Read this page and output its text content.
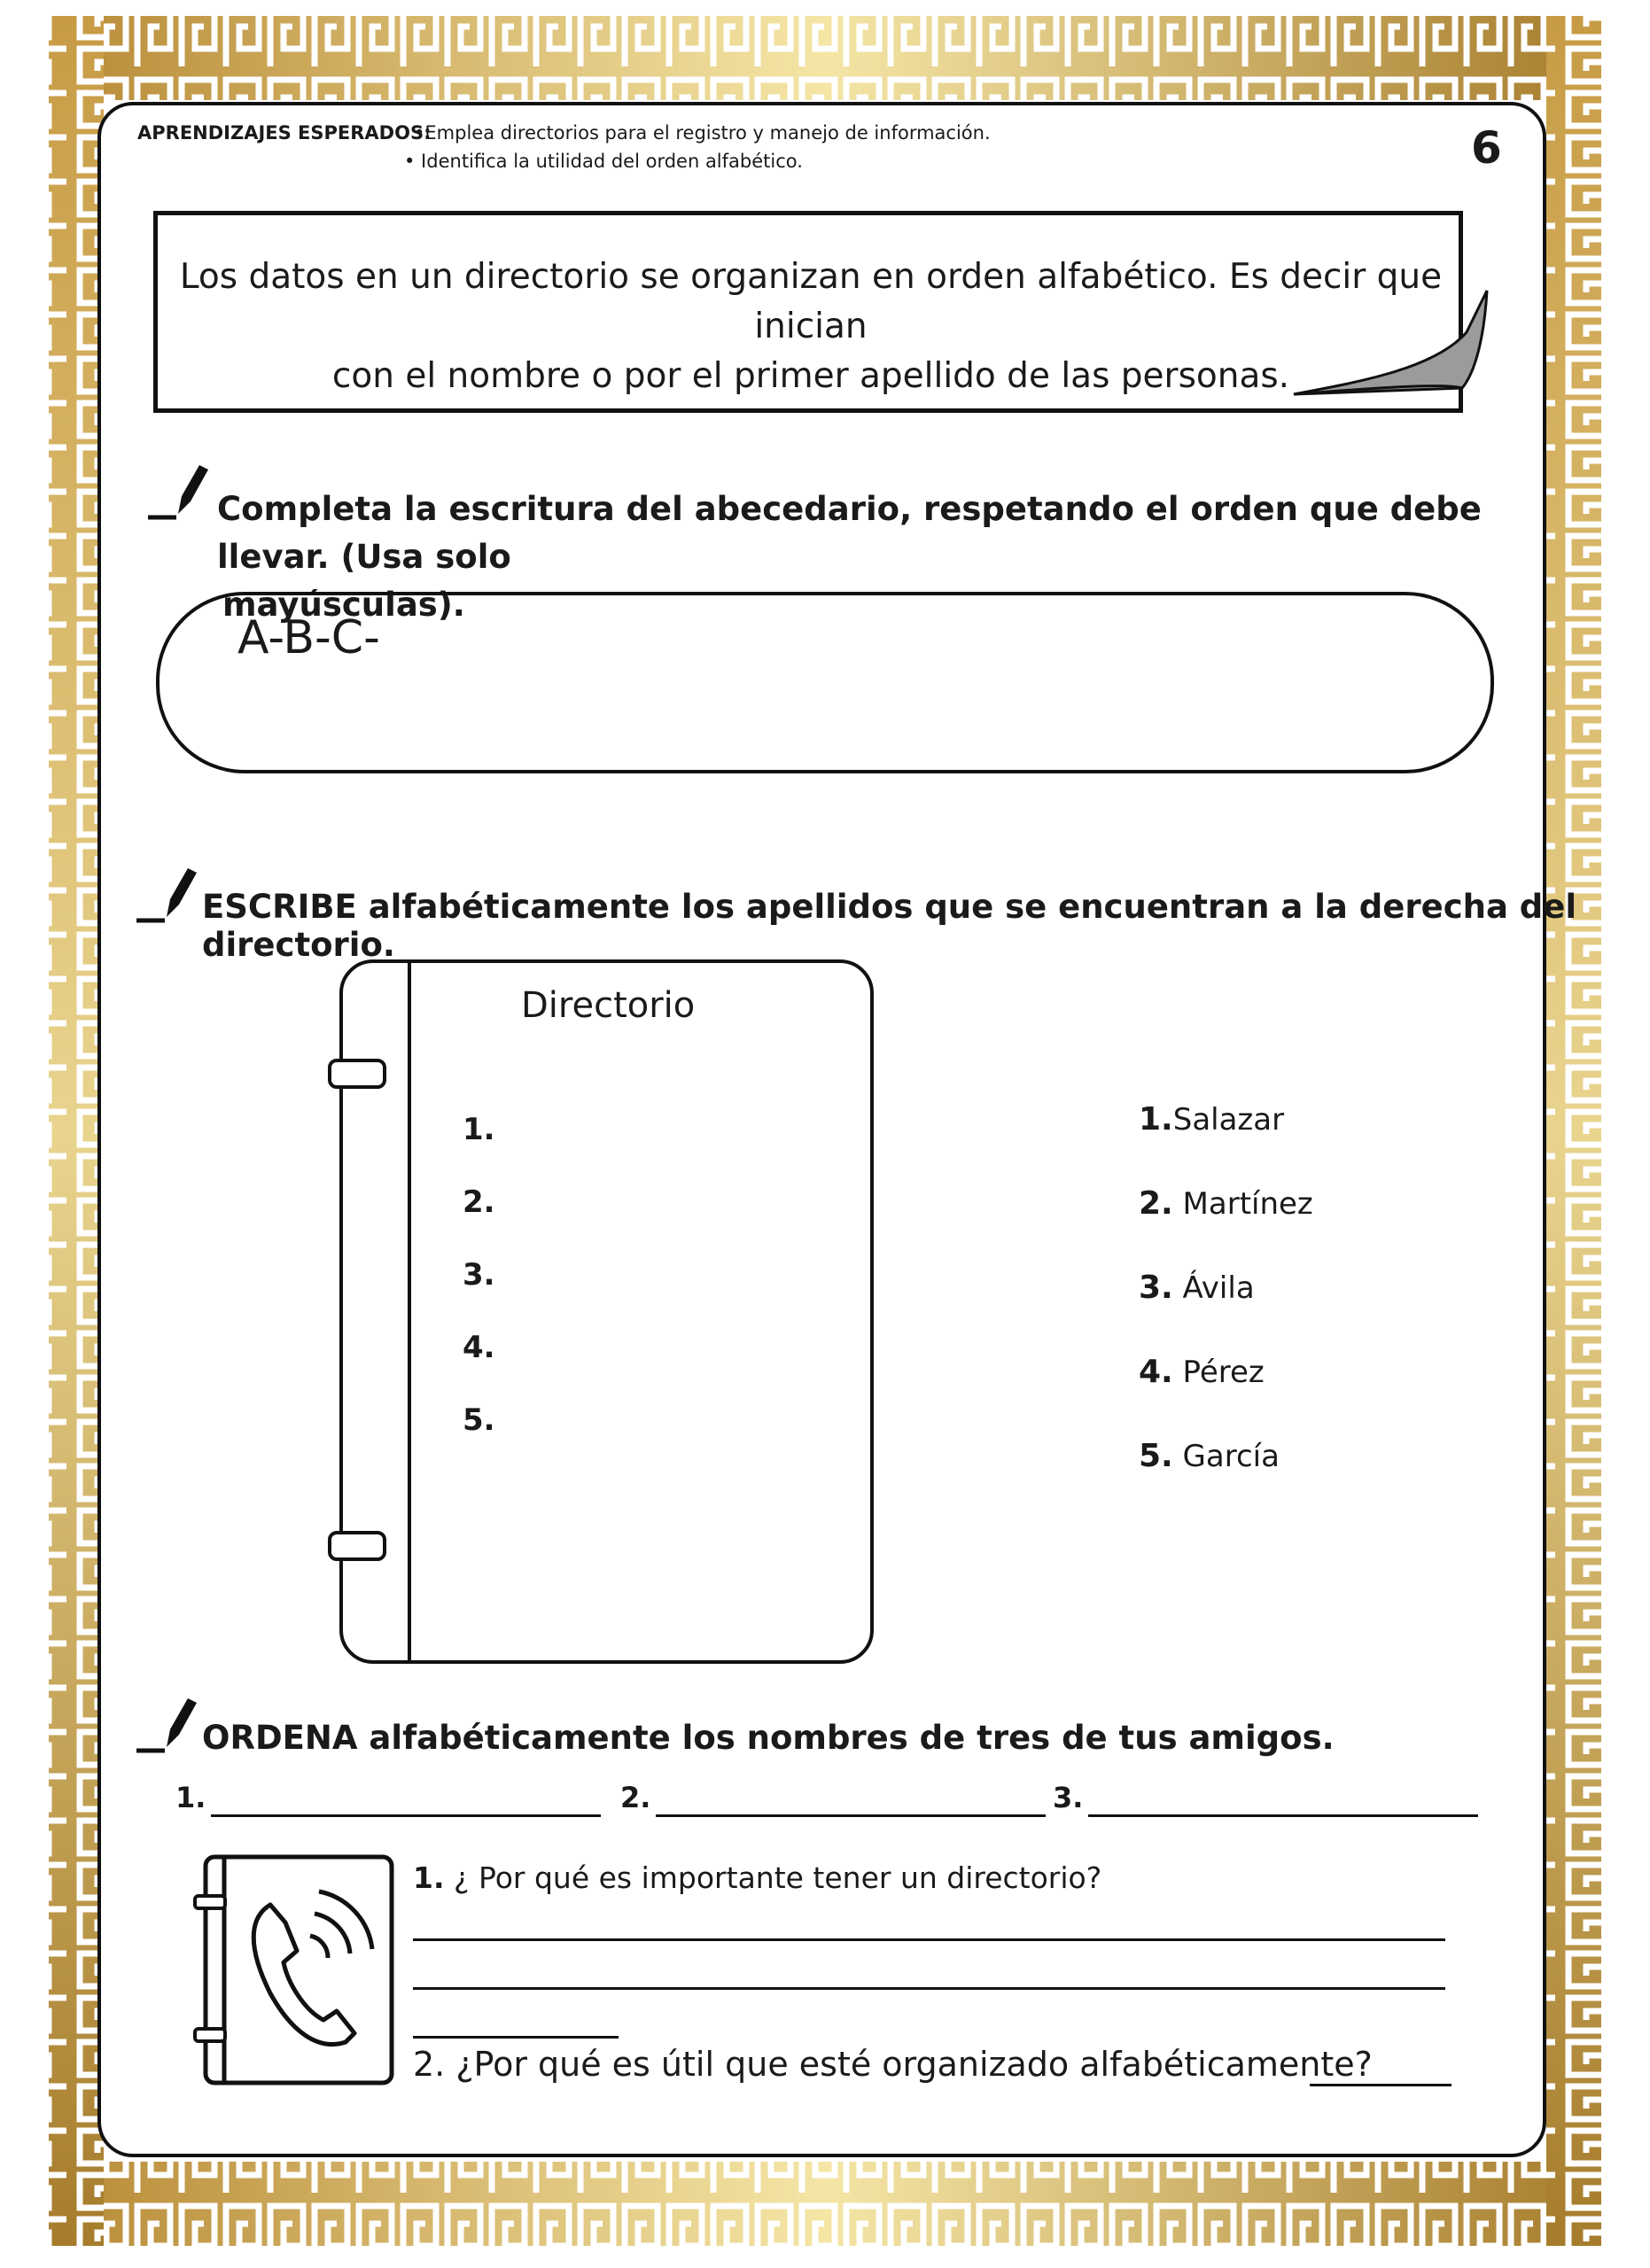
APRENDIZAJES ESPERADOS:
•Emplea directorios para el registro y manejo de información.
• Identifica la utilidad del orden alfabético.	6
Los datos en un directorio se organizan en orden alfabético. Es decir que inician
con el nombre o por el primer apellido de las personas.
Completa la escritura del abecedario, respetando el orden que debe llevar. (Usa solo
mayúsculas).
A-B-C-
ESCRIBE alfabéticamente los apellidos que se encuentran a la derecha del directorio.
Directorio
1.
2.
3.
4.
5.
1.Salazar
2. Martínez
3. Ávila
4. Pérez
5. García
ORDENA alfabéticamente los nombres de tres de tus amigos.
1.	2.	3.
1. ¿ Por qué es importante tener un directorio?
2. ¿Por qué es útil que esté organizado alfabéticamente?
